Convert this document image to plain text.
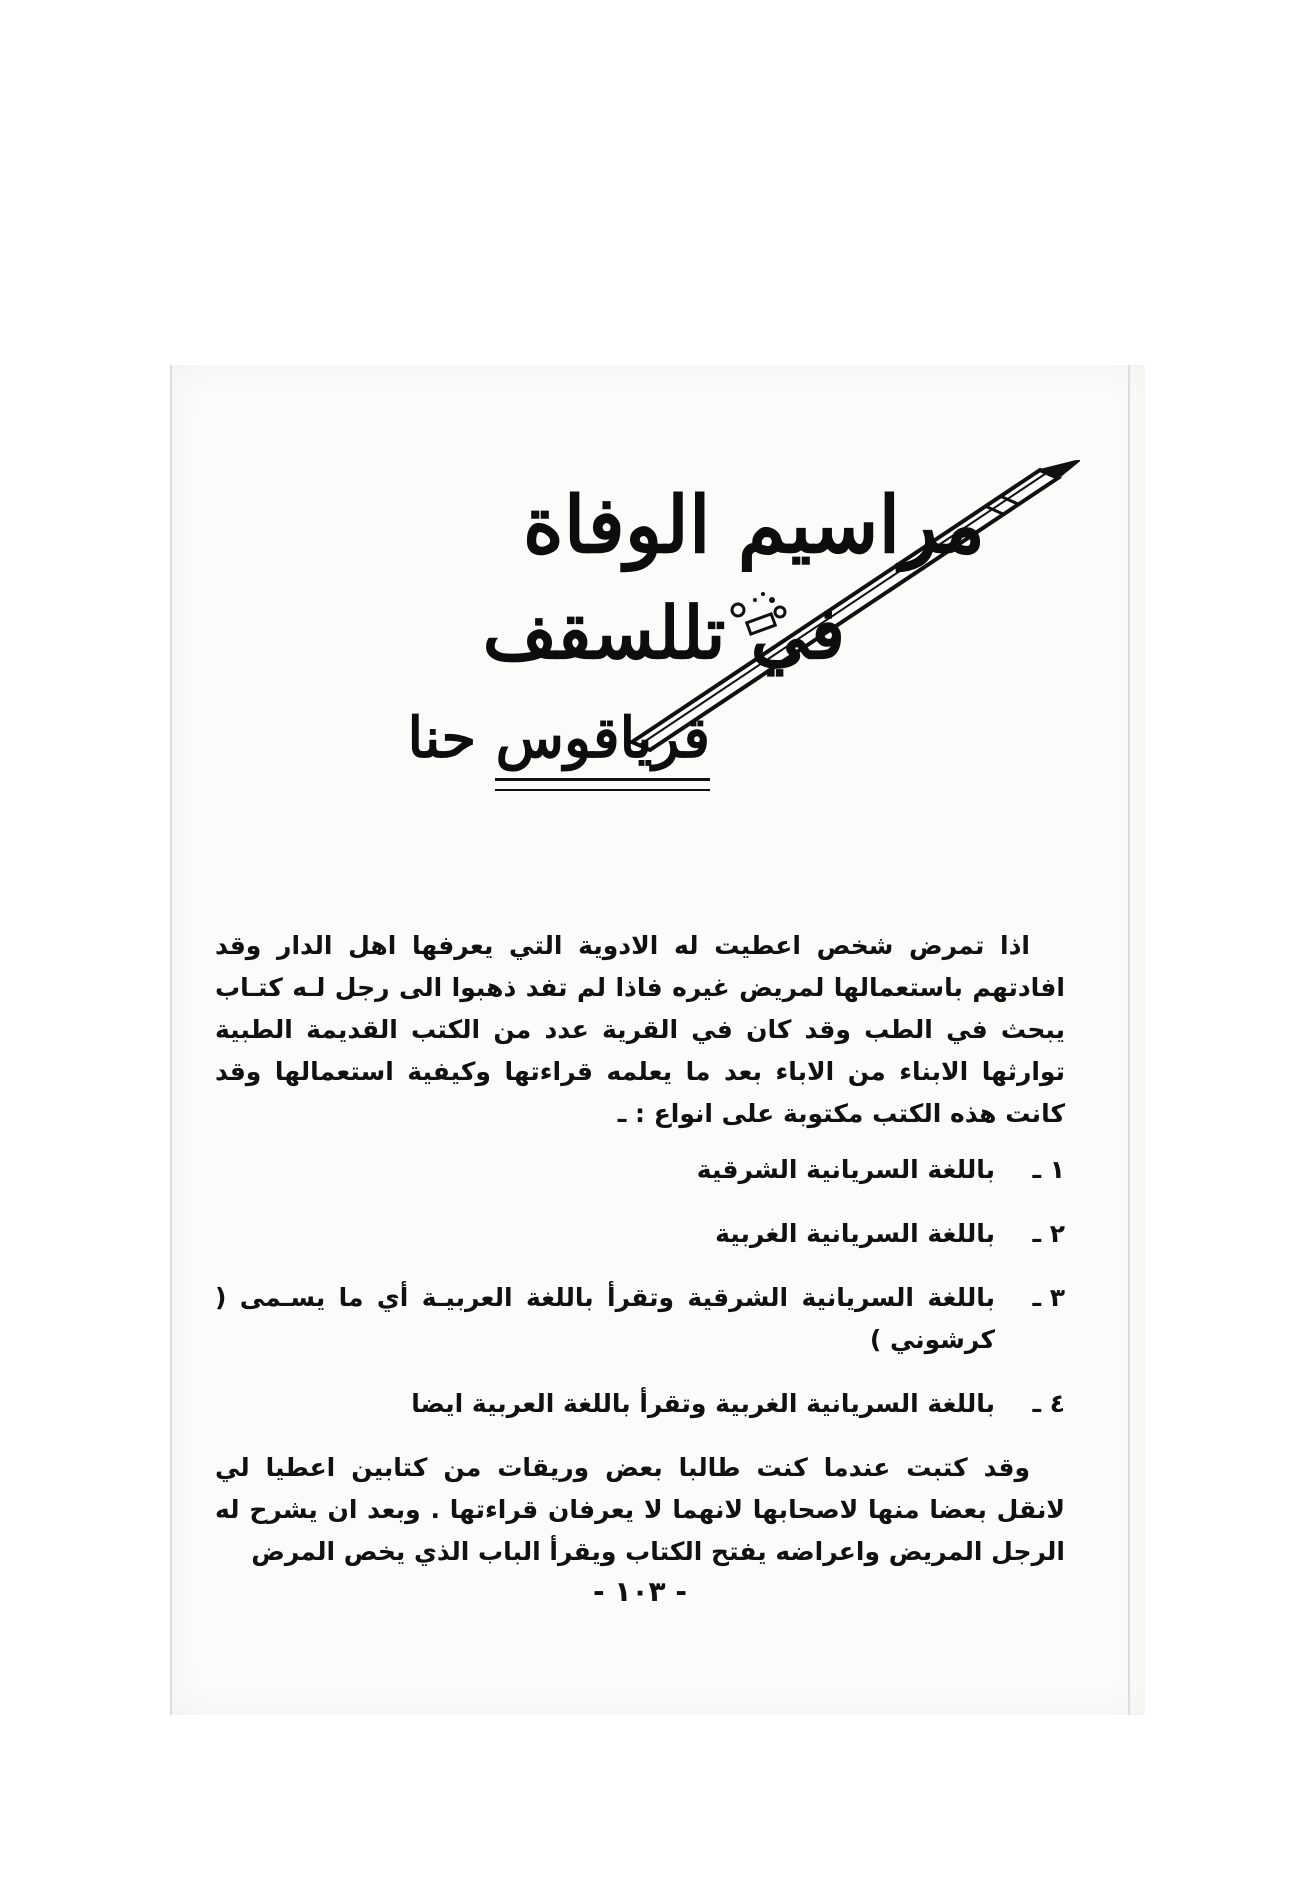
مراسيم الوفاة
في تللسقف
قرياقوس حنا

اذا تمرض شخص اعطيت له الادوية التي يعرفها اهل الدار وقد افادتهم باستعمالها لمريض غيره فاذا لم تفد ذهبوا الى رجل لـه كتـاب يبحث في الطب وقد كان في القرية عدد من الكتب القديمة الطبية توارثها الابناء من الاباء بعد ما يعلمه قراءتها وكيفية استعمالها وقد كانت هذه الكتب مكتوبة على انواع : ـ

١ ـ
باللغة السريانية الشرقية
٢ ـ
باللغة السريانية الغربية
٣ ـ
باللغة السريانية الشرقية وتقرأ باللغة العربيـة أي ما يسـمى ( كرشوني )
٤ ـ
باللغة السريانية الغربية وتقرأ باللغة العربية ايضا

وقد كتبت عندما كنت طالبا بعض وريقات من كتابين اعطيا لي لانقل بعضا منها لاصحابها لانهما لا يعرفان قراءتها . وبعد ان يشرح له الرجل المريض واعراضه يفتح الكتاب ويقرأ الباب الذي يخص المرض

- ١٠٣ -
